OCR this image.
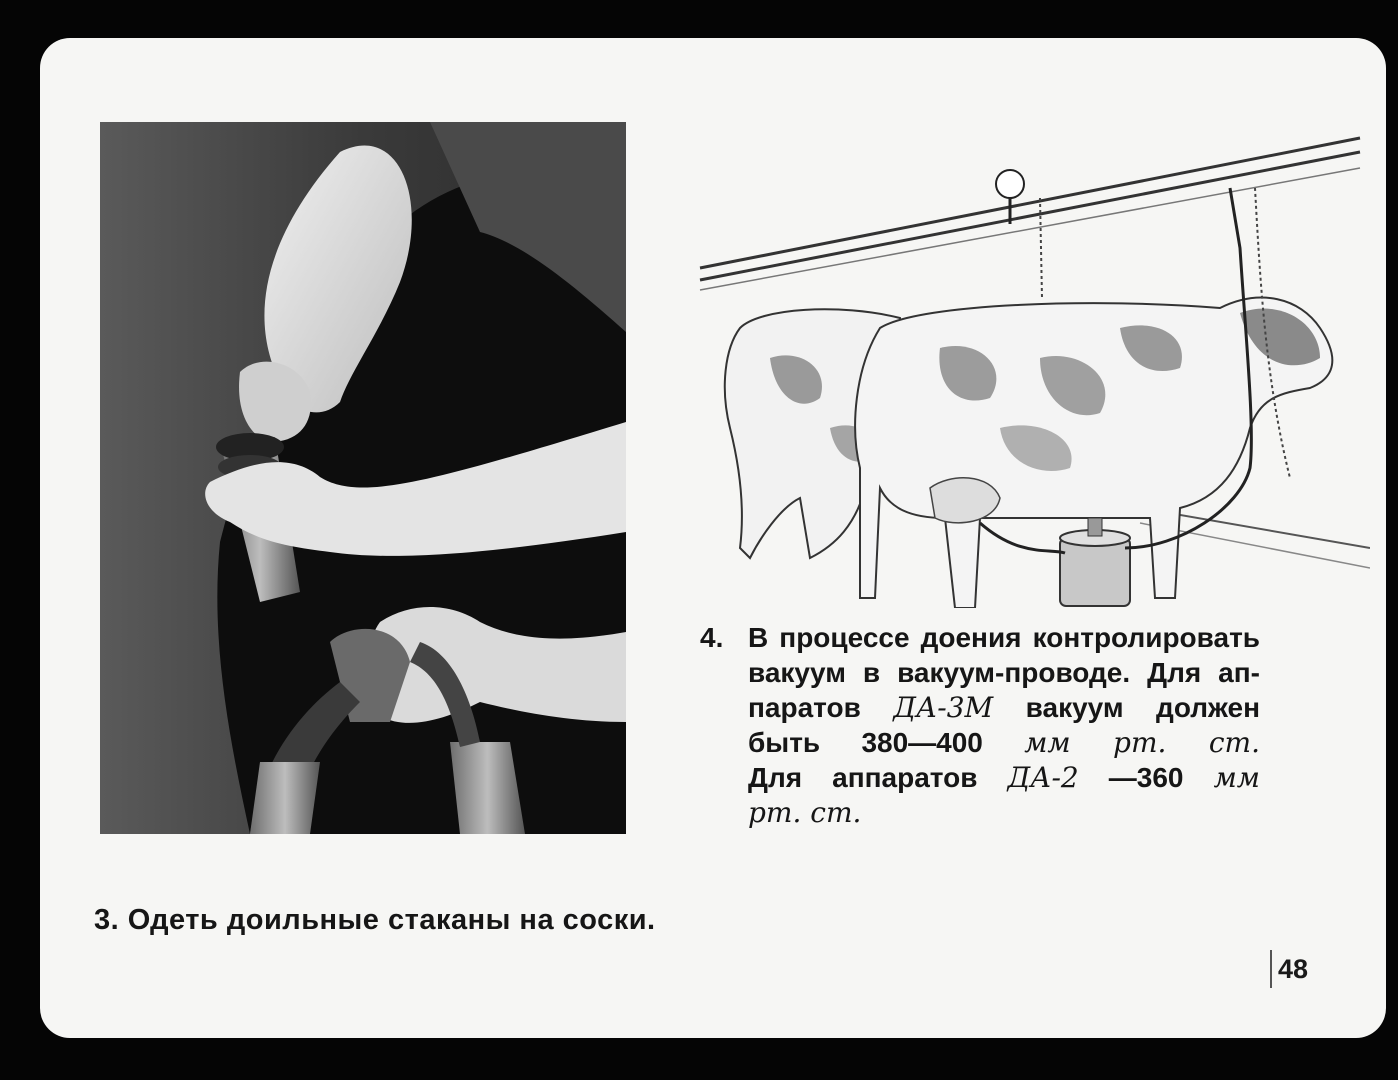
3. Одеть доильные стаканы на соски.
4. В процессе доения контролировать
вакуум в вакуум-проводе. Для ап-
паратов ДА-3М вакуум должен
быть 380—400 мм рт. ст.
Для аппаратов ДА-2 —360 мм
рт. ст.
48
